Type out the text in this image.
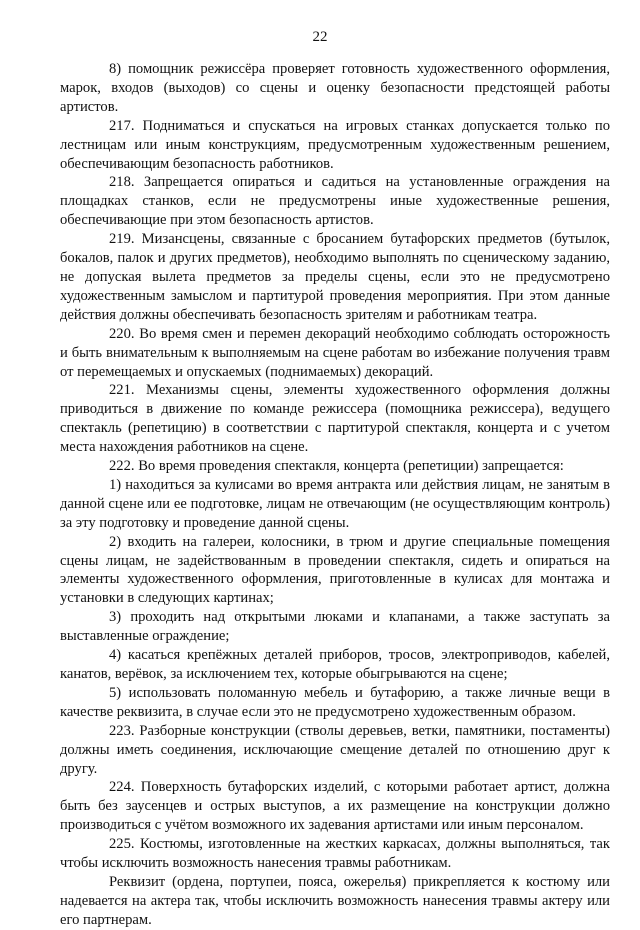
22

8) помощник режиссёра проверяет готовность художественного оформления, марок, входов (выходов) со сцены и оценку безопасности предстоящей работы артистов.

217. Подниматься и спускаться на игровых станках допускается только по лестницам или иным конструкциям, предусмотренным художественным решением, обеспечивающим безопасность работников.

218. Запрещается опираться и садиться на установленные ограждения на площадках станков, если не предусмотрены иные художественные решения, обеспечивающие при этом безопасность артистов.

219. Мизансцены, связанные с бросанием бутафорских предметов (бутылок, бокалов, палок и других предметов), необходимо выполнять по сценическому заданию, не допуская вылета предметов за пределы сцены, если это не предусмотрено художественным замыслом и партитурой проведения мероприятия. При этом данные действия должны обеспечивать безопасность зрителям и работникам театра.

220. Во время смен и перемен декораций необходимо соблюдать осторожность и быть внимательным к выполняемым на сцене работам во избежание получения травм от перемещаемых и опускаемых (поднимаемых) декораций.

221. Механизмы сцены, элементы художественного оформления должны приводиться в движение по команде режиссера (помощника режиссера), ведущего спектакль (репетицию) в соответствии с партитурой спектакля, концерта и с учетом места нахождения работников на сцене.

222. Во время проведения спектакля, концерта (репетиции) запрещается:

1) находиться за кулисами во время антракта или действия лицам, не занятым в данной сцене или ее подготовке, лицам не отвечающим (не осуществляющим контроль) за эту подготовку и проведение данной сцены.

2) входить на галереи, колосники, в трюм и другие специальные помещения сцены лицам, не задействованным в проведении спектакля, сидеть и опираться на элементы художественного оформления, приготовленные в кулисах для монтажа и установки в следующих картинах;

3) проходить над открытыми люками и клапанами, а также заступать за выставленные ограждение;

4) касаться крепёжных деталей приборов, тросов, электроприводов, кабелей, канатов, верёвок, за исключением тех, которые обыгрываются на сцене;

5) использовать поломанную мебель и бутафорию, а также личные вещи в качестве реквизита, в случае если это не предусмотрено художественным образом.

223. Разборные конструкции (стволы деревьев, ветки, памятники, постаменты) должны иметь соединения, исключающие смещение деталей по отношению друг к другу.

224. Поверхность бутафорских изделий, с которыми работает артист, должна быть без заусенцев и острых выступов, а их размещение на конструкции должно производиться с учётом возможного их задевания артистами или иным персоналом.

225. Костюмы, изготовленные на жестких каркасах, должны выполняться, так чтобы исключить возможность нанесения травмы работникам.

Реквизит (ордена, портупеи, пояса, ожерелья) прикрепляется к костюму или надевается на актера так, чтобы исключить возможность нанесения травмы актеру или его партнерам.
